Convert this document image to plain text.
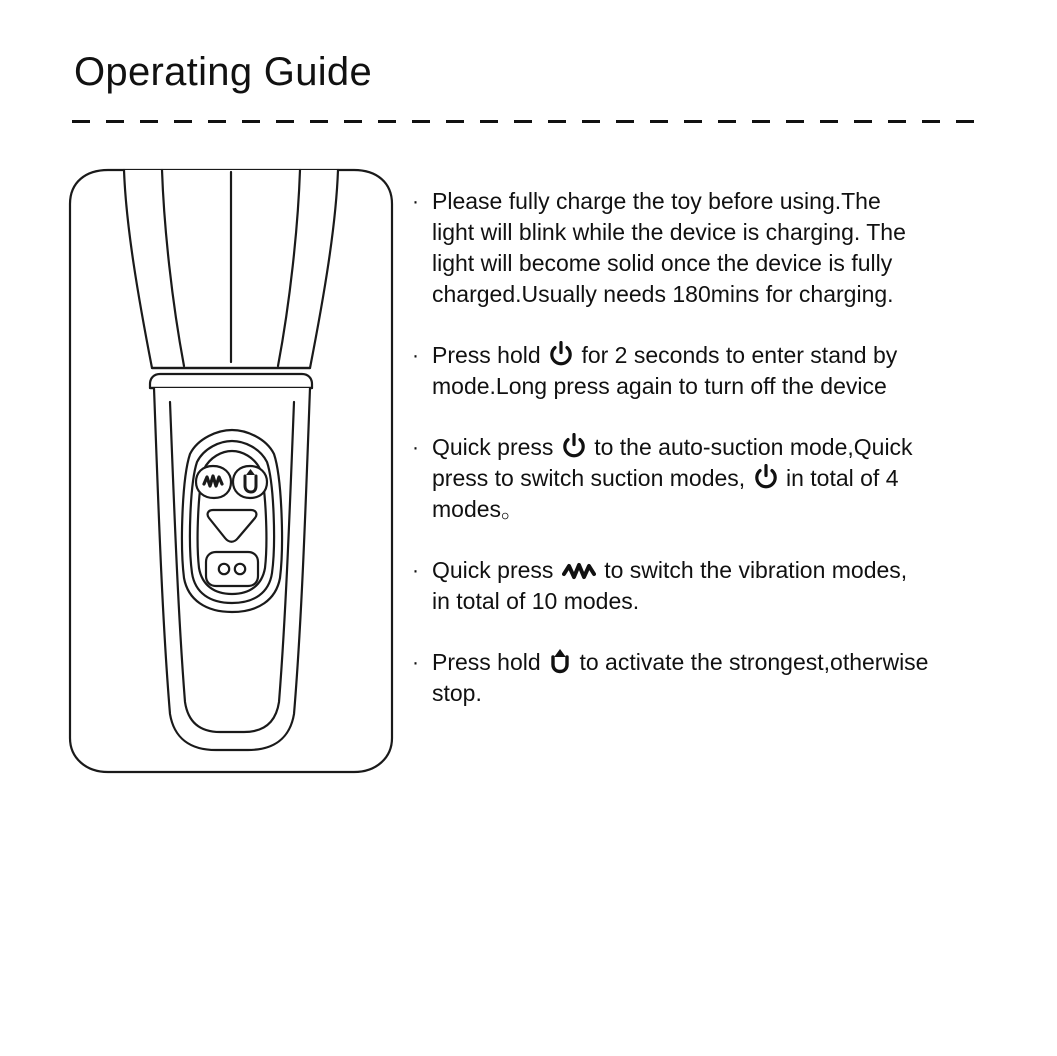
Operating Guide
· Please fully charge the toy before using.The
light will blink while the device is charging. The
light will become solid once the device is fully
charged.Usually needs 180mins for charging.
· Press hold for 2 seconds to enter stand by
mode.Long press again to turn off the device
· Quick press to the auto-suction mode,Quick
press to switch suction modes, in total of 4
modes。
· Quick press to switch the vibration modes,
in total of 10 modes.
· Press hold to activate the strongest,otherwise
stop.
